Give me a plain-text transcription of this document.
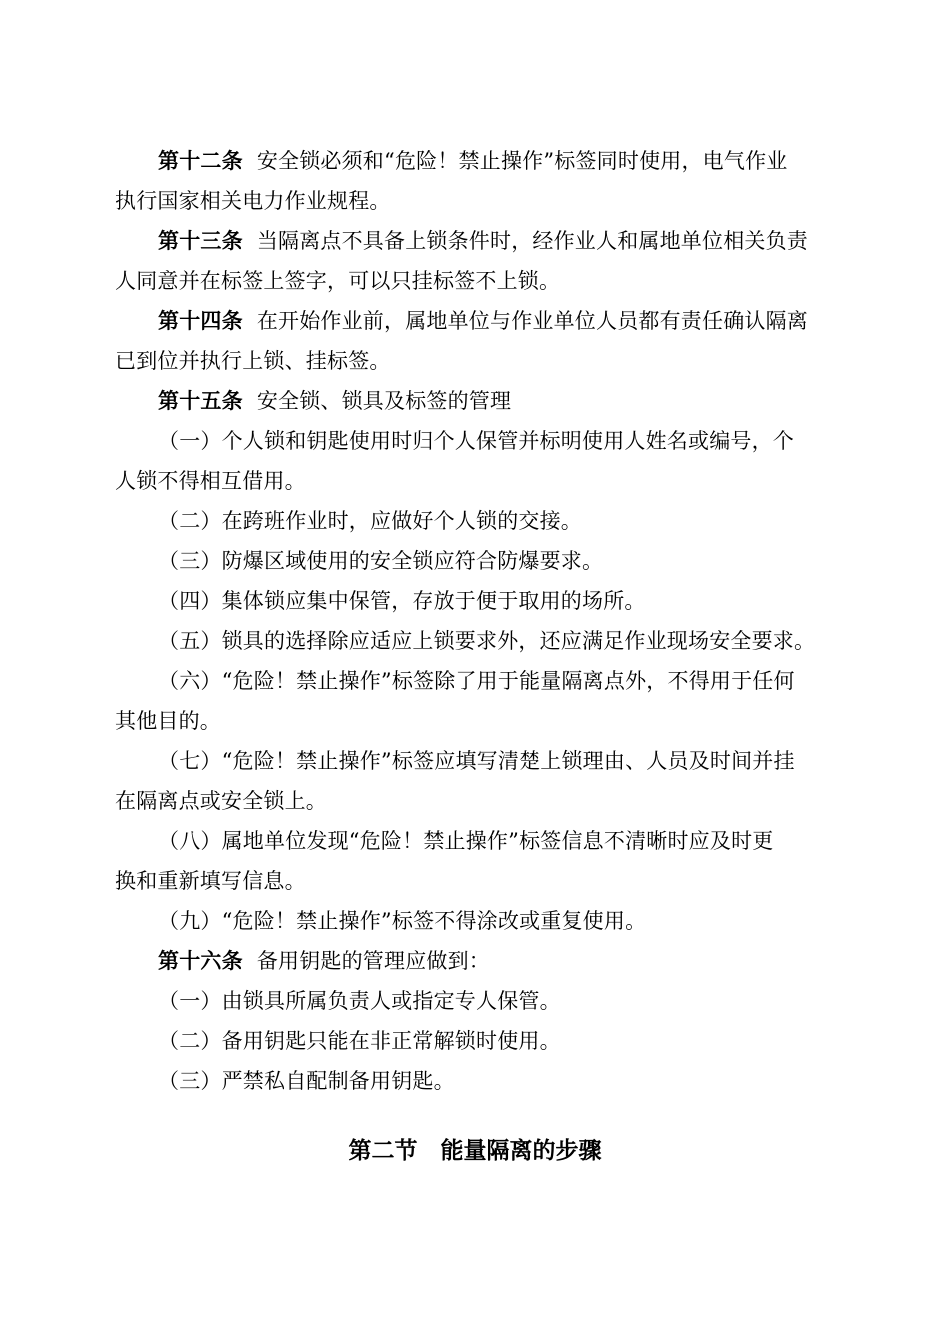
第十二条 安全锁必须和“危险！禁止操作”标签同时使用，电气作业
执行国家相关电力作业规程。
第十三条 当隔离点不具备上锁条件时，经作业人和属地单位相关负责
人同意并在标签上签字，可以只挂标签不上锁。
第十四条 在开始作业前，属地单位与作业单位人员都有责任确认隔离
已到位并执行上锁、挂标签。
第十五条 安全锁、锁具及标签的管理
（一）个人锁和钥匙使用时归个人保管并标明使用人姓名或编号，个
人锁不得相互借用。
（二）在跨班作业时，应做好个人锁的交接。
（三）防爆区域使用的安全锁应符合防爆要求。
（四）集体锁应集中保管，存放于便于取用的场所。
（五）锁具的选择除应适应上锁要求外，还应满足作业现场安全要求。
（六）“危险！禁止操作”标签除了用于能量隔离点外，不得用于任何
其他目的。
（七）“危险！禁止操作”标签应填写清楚上锁理由、人员及时间并挂
在隔离点或安全锁上。
（八）属地单位发现“危险！禁止操作”标签信息不清晰时应及时更
换和重新填写信息。
（九）“危险！禁止操作”标签不得涂改或重复使用。
第十六条 备用钥匙的管理应做到：
（一）由锁具所属负责人或指定专人保管。
（二）备用钥匙只能在非正常解锁时使用。
（三）严禁私自配制备用钥匙。
第二节　能量隔离的步骤
